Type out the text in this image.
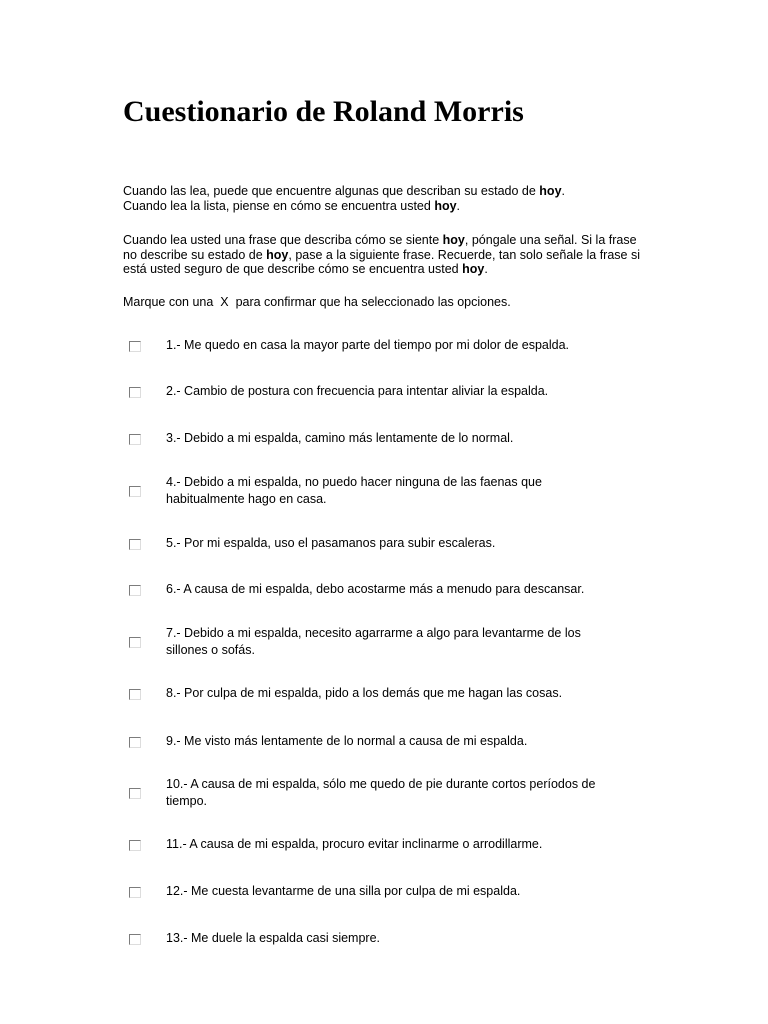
Cuestionario de Roland Morris

Cuando las lea, puede que encuentre algunas que describan su estado de hoy.
Cuando lea la lista, piense en cómo se encuentra usted hoy.

Cuando lea usted una frase que describa cómo se siente hoy, póngale una señal. Si la frase no describe su estado de hoy, pase a la siguiente frase. Recuerde, tan solo señale la frase si está usted seguro de que describe cómo se encuentra usted hoy.

Marque con una  X  para confirmar que ha seleccionado las opciones.

1.- Me quedo en casa la mayor parte del tiempo por mi dolor de espalda.
2.- Cambio de postura con frecuencia para intentar aliviar la espalda.
3.- Debido a mi espalda, camino más lentamente de lo normal.
4.- Debido a mi espalda, no puedo hacer ninguna de las faenas que habitualmente hago en casa.
5.- Por mi espalda, uso el pasamanos para subir escaleras.
6.- A causa de mi espalda, debo acostarme más a menudo para descansar.
7.- Debido a mi espalda, necesito agarrarme a algo para levantarme de los sillones o sofás.
8.- Por culpa de mi espalda, pido a los demás que me hagan las cosas.
9.- Me visto más lentamente de lo normal a causa de mi espalda.
10.- A causa de mi espalda, sólo me quedo de pie durante cortos períodos de tiempo.
11.- A causa de mi espalda, procuro evitar inclinarme o arrodillarme.
12.- Me cuesta levantarme de una silla por culpa de mi espalda.
13.- Me duele la espalda casi siempre.
